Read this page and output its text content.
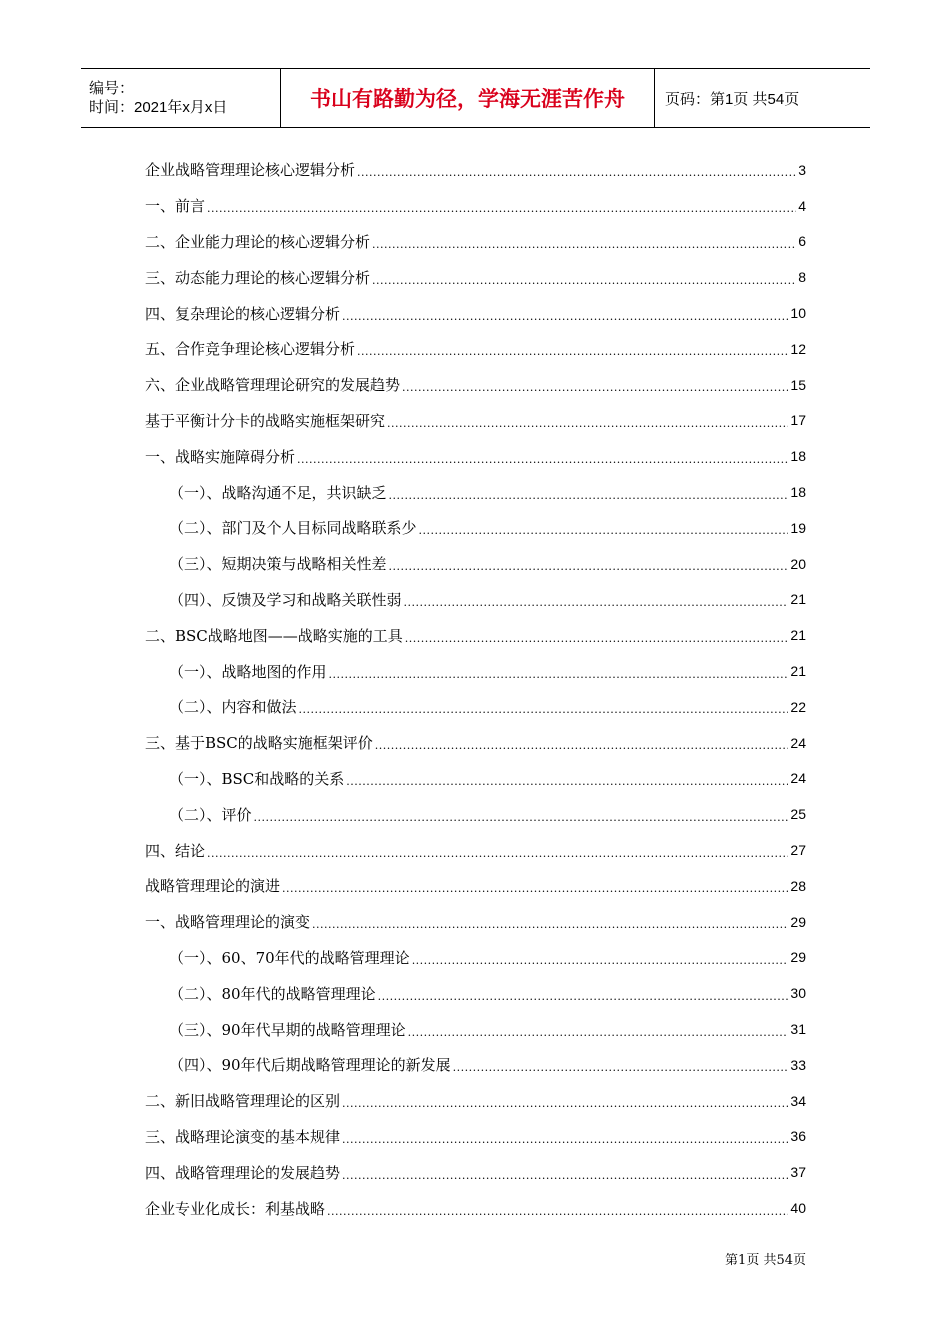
编号：
时间：2021年x月x日	书山有路勤为径，学海无涯苦作舟	页码：第1页 共54页
企业战略管理理论核心逻辑分析 .....	3
一、前言 .....	4
二、企业能力理论的核心逻辑分析 .....	6
三、动态能力理论的核心逻辑分析 .....	8
四、复杂理论的核心逻辑分析 .....	10
五、合作竞争理论核心逻辑分析 .....	12
六、企业战略管理理论研究的发展趋势 .....	15
基于平衡计分卡的战略实施框架研究 .....	17
一、战略实施障碍分析 .....	18
（一）、战略沟通不足，共识缺乏 .....	18
（二）、部门及个人目标同战略联系少 .....	19
（三）、短期决策与战略相关性差 .....	20
（四）、反馈及学习和战略关联性弱 .....	21
二、BSC战略地图——战略实施的工具 .....	21
（一）、战略地图的作用 .....	21
（二）、内容和做法 .....	22
三、基于BSC的战略实施框架评价 .....	24
（一）、BSC和战略的关系 .....	24
（二）、评价 .....	25
四、结论 .....	27
战略管理理论的演进 .....	28
一、战略管理理论的演变 .....	29
（一）、60、70年代的战略管理理论 .....	29
（二）、80年代的战略管理理论 .....	30
（三）、90年代早期的战略管理理论 .....	31
（四）、90年代后期战略管理理论的新发展 .....	33
二、新旧战略管理理论的区别 .....	34
三、战略理论演变的基本规律 .....	36
四、战略管理理论的发展趋势 .....	37
企业专业化成长：利基战略 .....	40
第1页 共54页
